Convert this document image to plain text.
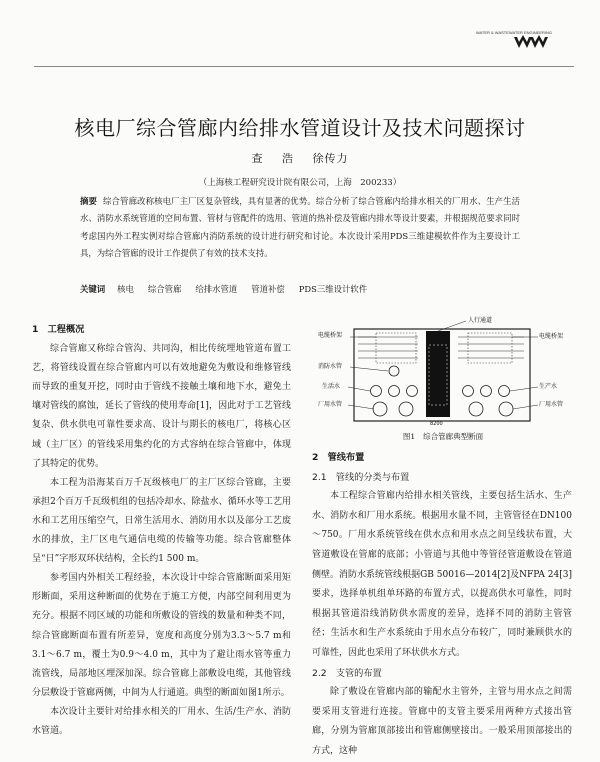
WATER & WASTEWATER ENGINEERING
核电厂综合管廊内给排水管道设计及技术问题探讨
查 浩 徐传力
（上海核工程研究设计院有限公司，上海　200233）
摘要 综合管廊改称核电厂主厂区复杂管线，具有显著的优势。综合分析了综合管廊内给排水相关的厂用水、生产生活水、消防水系统管道的空间布置、管材与管配件的选用、管道的热补偿及管廊内排水等设计要素，并根据规范要求同时考虑国内外工程实例对综合管廊内消防系统的设计进行研究和讨论。本次设计采用PDS三维建模软件作为主要设计工具，为综合管廊的设计工作提供了有效的技术支持。
关键词 核电 综合管廊 给排水管道 管道补偿 PDS三维设计软件
1　工程概况

综合管廊又称综合管沟、共同沟，相比传统埋地管道布置工艺，将管线设置在综合管廊内可以有效地避免为敷设和维修管线而导致的重复开挖，同时由于管线不接触土壤和地下水，避免土壤对管线的腐蚀，延长了管线的使用寿命[1]，因此对于工艺管线复杂、供水供电可靠性要求高、设计与期长的核电厂，将核心区域（主厂区）的管线采用集约化的方式容纳在综合管廊中，体现了其特定的优势。

本工程为沿海某百万千瓦级核电厂的主厂区综合管廊，主要承担2个百万千瓦级机组的包括冷却水、除盐水、循环水等工艺用水和工艺用压缩空气，日常生活用水、消防用水以及部分工艺废水的排放，主厂区电气通信电缆的传输等功能。综合管廊整体呈“日”字形双环状结构，全长约1 500 m。

参考国内外相关工程经验，本次设计中综合管廊断面采用矩形断面，采用这种断面的优势在于施工方便，内部空间利用更为充分。根据不同区域的功能和所敷设的管线的数量和种类不同，综合管廊断面布置有所差异，宽度和高度分别为3.3～5.7 m和3.1～6.7 m，覆土为0.9～4.0 m，其中为了避让雨水管等重力流管线，局部地区埋深加深。综合管廊上部敷设电缆，其他管线分层敷设于管廊两侧，中间为人行通道。典型的断面如图1所示。

本次设计主要针对给排水相关的厂用水、生活/生产水、消防水管道。

人行通道
电缆桥架
消防水管
生活水
厂用水管
电缆桥架
生产水
厂用水管
8200
图1 综合管廊典型断面
2　管线布置
2.1　管线的分类与布置

本工程综合管廊内给排水相关管线，主要包括生活水、生产水、消防水和厂用水系统。根据用水量不同，主管管径在DN100～750。厂用水系统管线在供水点和用水点之间呈线状布置，大管道敷设在管廊的底部；小管道与其他中等管径管道敷设在管道侧壁。消防水系统管线根据GB 50016—2014[2]及NFPA 24[3]要求，选择单机组单环路的布置方式，以提高供水可靠性，同时根据其管道沿线消防供水需度的差异，选择不同的消防主管管径；生活水和生产水系统由于用水点分布较广，同时兼顾供水的可靠性，因此也采用了环状供水方式。

2.2　支管的布置

除了敷设在管廊内部的输配水主管外，主管与用水点之间需要采用支管进行连接。管廊中的支管主要采用两种方式接出管廊，分别为管廊顶部接出和管廊侧壁接出。一般采用顶部接出的方式，这种
